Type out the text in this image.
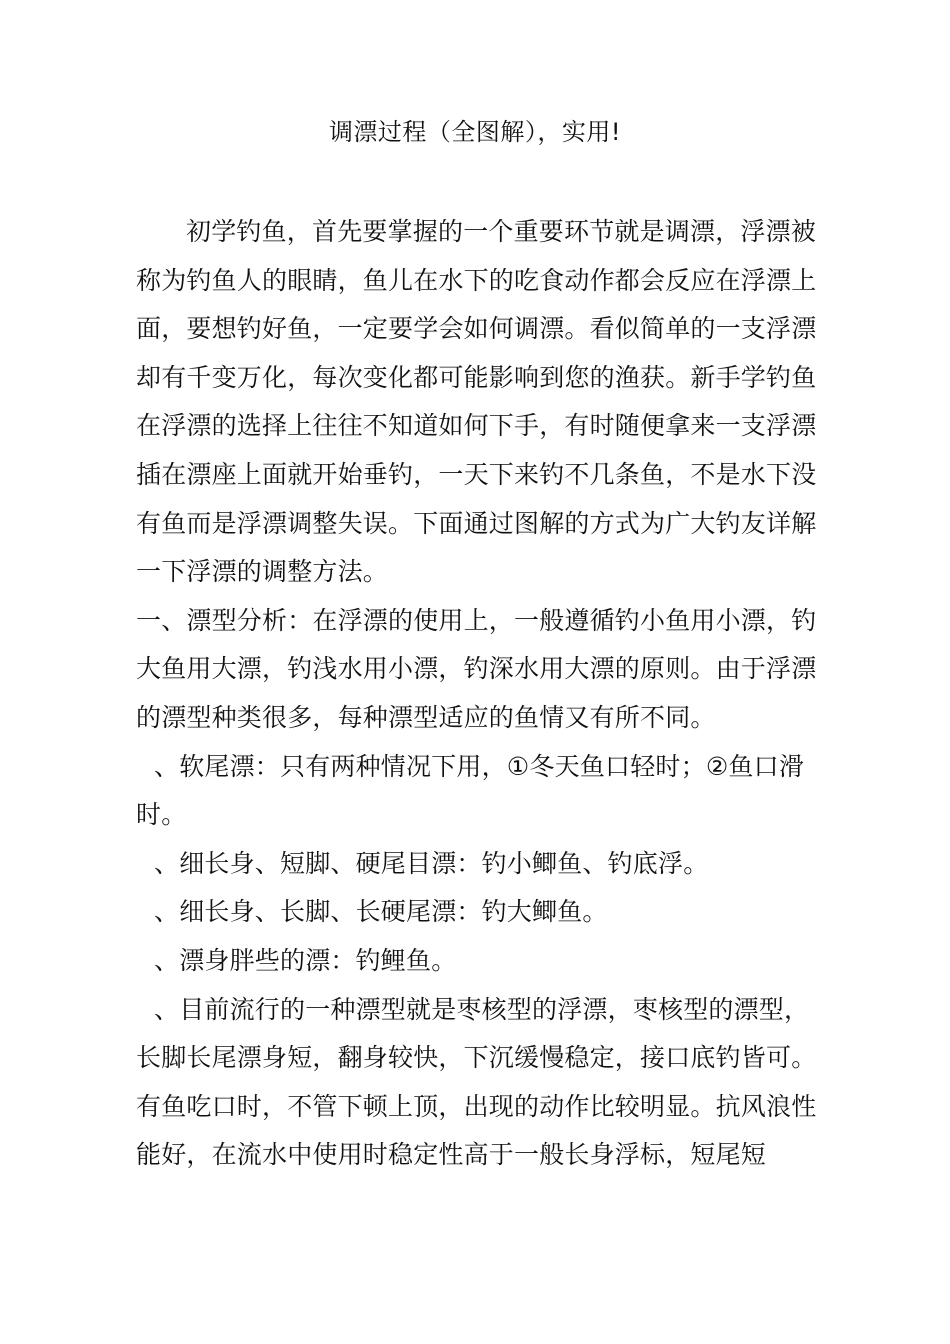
调漂过程（全图解），实用!

初学钓鱼，首先要掌握的一个重要环节就是调漂，浮漂被称为钓鱼人的眼睛，鱼儿在水下的吃食动作都会反应在浮漂上面，要想钓好鱼，一定要学会如何调漂。看似简单的一支浮漂却有千变万化，每次变化都可能影响到您的渔获。新手学钓鱼在浮漂的选择上往往不知道如何下手，有时随便拿来一支浮漂插在漂座上面就开始垂钓，一天下来钓不几条鱼，不是水下没有鱼而是浮漂调整失误。下面通过图解的方式为广大钓友详解一下浮漂的调整方法。

一、漂型分析：在浮漂的使用上，一般遵循钓小鱼用小漂，钓大鱼用大漂，钓浅水用小漂，钓深水用大漂的原则。由于浮漂的漂型种类很多，每种漂型适应的鱼情又有所不同。

、软尾漂：只有两种情况下用，①冬天鱼口轻时；②鱼口滑时。

、细长身、短脚、硬尾目漂：钓小鲫鱼、钓底浮。

、细长身、长脚、长硬尾漂：钓大鲫鱼。

、漂身胖些的漂：钓鲤鱼。

、目前流行的一种漂型就是枣核型的浮漂，枣核型的漂型，长脚长尾漂身短，翻身较快，下沉缓慢稳定，接口底钓皆可。有鱼吃口时，不管下顿上顶，出现的动作比较明显。抗风浪性能好，在流水中使用时稳定性高于一般长身浮标，短尾短
